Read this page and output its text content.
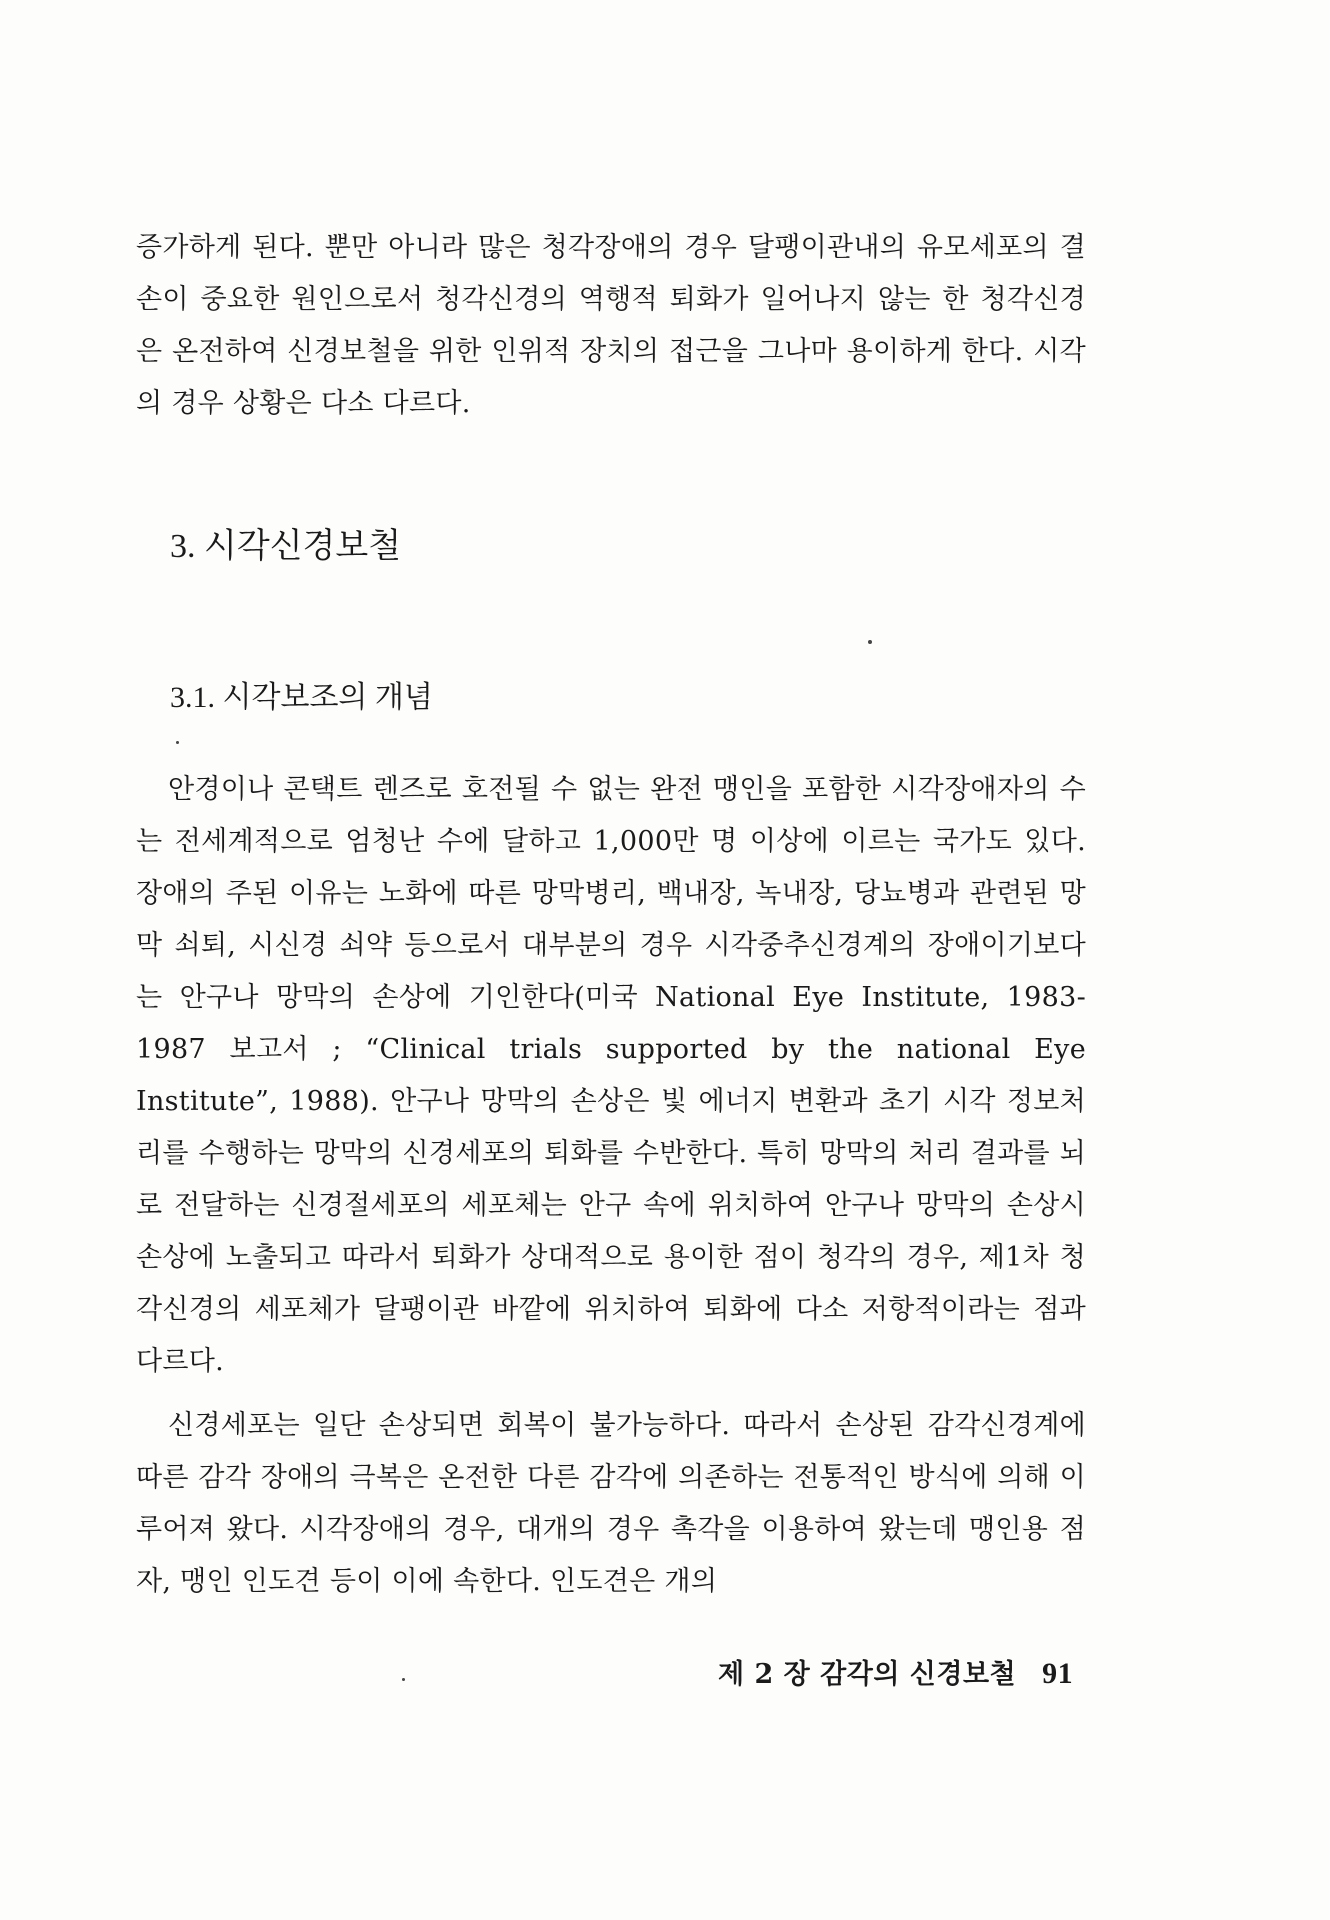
증가하게 된다. 뿐만 아니라 많은 청각장애의 경우 달팽이관내의 유모세포의 결손이 중요한 원인으로서 청각신경의 역행적 퇴화가 일어나지 않는 한 청각신경은 온전하여 신경보철을 위한 인위적 장치의 접근을 그나마 용이하게 한다. 시각의 경우 상황은 다소 다르다.

3. 시각신경보철
3.1. 시각보조의 개념

안경이나 콘택트 렌즈로 호전될 수 없는 완전 맹인을 포함한 시각장애자의 수는 전세계적으로 엄청난 수에 달하고 1,000만 명 이상에 이르는 국가도 있다. 장애의 주된 이유는 노화에 따른 망막병리, 백내장, 녹내장, 당뇨병과 관련된 망막 쇠퇴, 시신경 쇠약 등으로서 대부분의 경우 시각중추신경계의 장애이기보다는 안구나 망막의 손상에 기인한다(미국 National Eye Institute, 1983-1987 보고서 ; “Clinical trials supported by the national Eye Institute”, 1988). 안구나 망막의 손상은 빛 에너지 변환과 초기 시각 정보처리를 수행하는 망막의 신경세포의 퇴화를 수반한다. 특히 망막의 처리 결과를 뇌로 전달하는 신경절세포의 세포체는 안구 속에 위치하여 안구나 망막의 손상시 손상에 노출되고 따라서 퇴화가 상대적으로 용이한 점이 청각의 경우, 제1차 청각신경의 세포체가 달팽이관 바깥에 위치하여 퇴화에 다소 저항적이라는 점과 다르다.

신경세포는 일단 손상되면 회복이 불가능하다. 따라서 손상된 감각신경계에 따른 감각 장애의 극복은 온전한 다른 감각에 의존하는 전통적인 방식에 의해 이루어져 왔다. 시각장애의 경우, 대개의 경우 촉각을 이용하여 왔는데 맹인용 점자, 맹인 인도견 등이 이에 속한다. 인도견은 개의

제 2 장 감각의 신경보철 91
